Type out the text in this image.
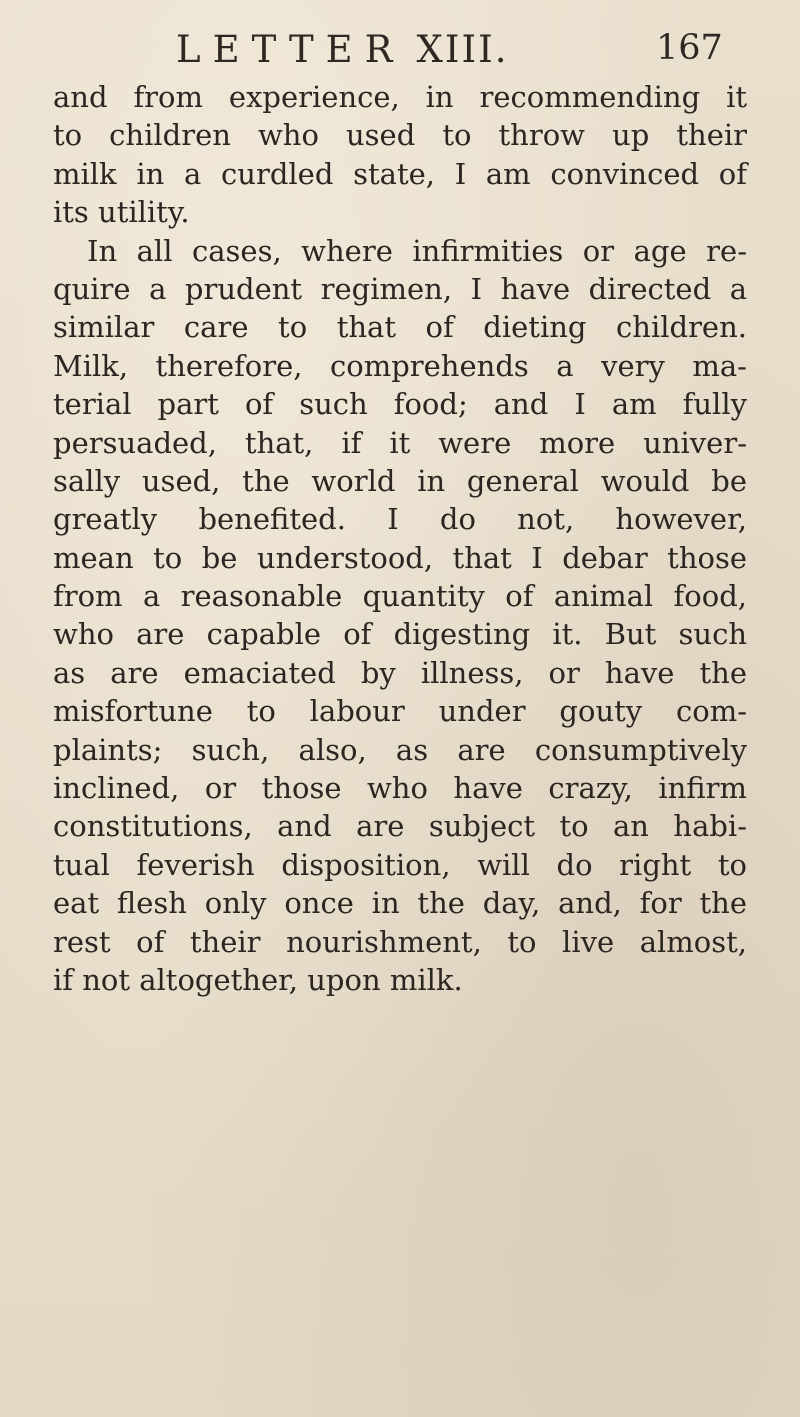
LETTER XIII.	167
and from experience, in recommending it
to children who used to throw up their
milk in a curdled state, I am convinced of
its utility.
In all cases, where infirmities or age re-
quire a prudent regimen, I have directed a
similar care to that of dieting children.
Milk, therefore, comprehends a very ma-
terial part of such food; and I am fully
persuaded, that, if it were more univer-
sally used, the world in general would be
greatly benefited. I do not, however,
mean to be understood, that I debar those
from a reasonable quantity of animal food,
who are capable of digesting it. But such
as are emaciated by illness, or have the
misfortune to labour under gouty com-
plaints; such, also, as are consumptively
inclined, or those who have crazy, infirm
constitutions, and are subject to an habi-
tual feverish disposition, will do right to
eat flesh only once in the day, and, for the
rest of their nourishment, to live almost,
if not altogether, upon milk.
